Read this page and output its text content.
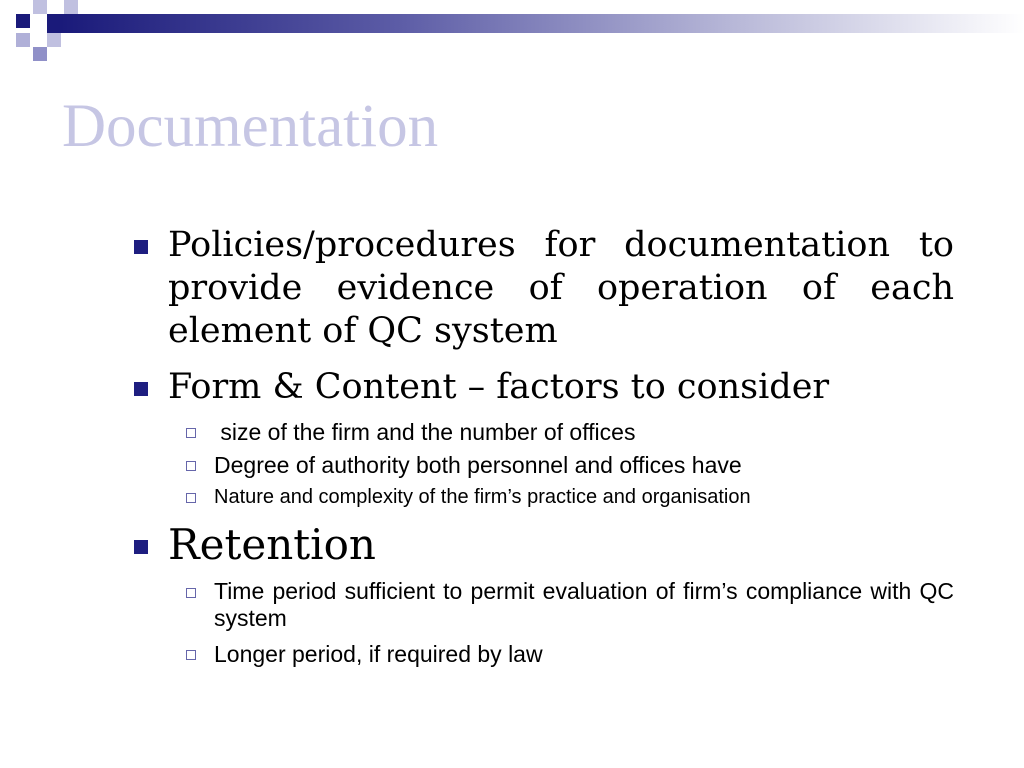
Documentation
Policies/procedures for documentation to provide evidence of operation of each element of QC system
Form & Content – factors to consider
size of the firm and the number of offices
Degree of authority both personnel and offices have
Nature and complexity of the firm’s practice and organisation
Retention
Time period sufficient to permit evaluation of firm’s compliance with QC system
Longer period, if required by law
